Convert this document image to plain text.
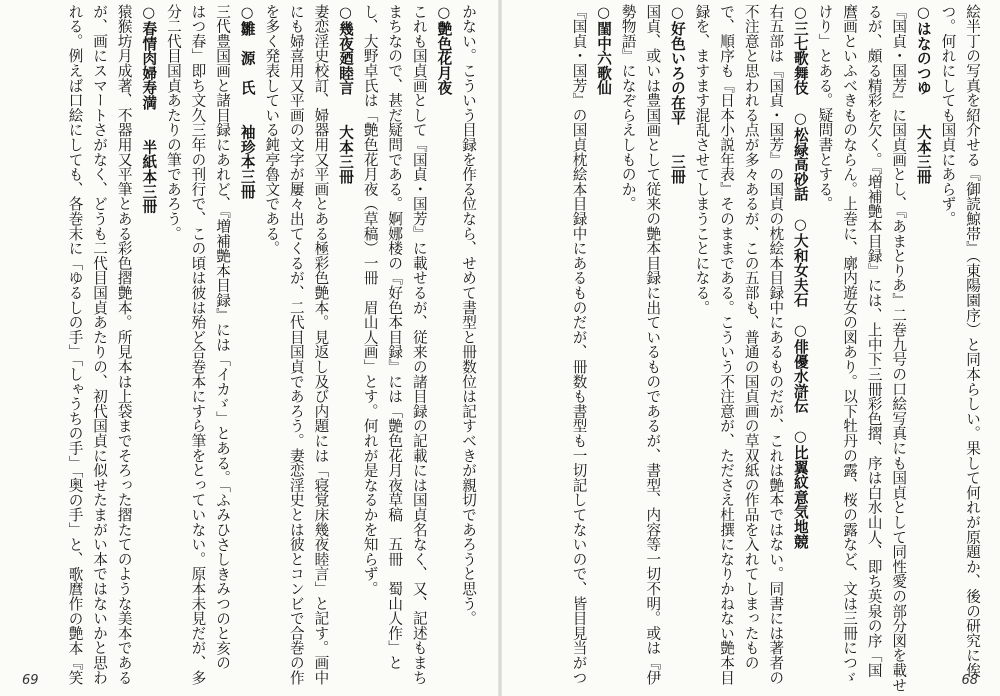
絵半丁の写真を紹介せる『御読鯨帯』（東陽園序）と同本らしい。果して何れが原題か、後の研究に俟
つ。何れにしても国貞にあらず。
○はなのつゆ　　大本三冊
『国貞・国芳』に国貞画とし、『あまとりあ』二巻九号の口絵写真にも国貞として同性愛の部分図を載せ
るが、頗る精彩を欠く。『増補艶本目録』には、上中下三冊彩色摺、序は白水山人、即ち英泉の序「国
麿画といふべきものならん。上巻に、廓内遊女の図あり。以下牡丹の露、桜の露など、文は三冊につゞ
けり」とある。疑問書とする。
○三七歌舞伎　○松緑高砂話　○大和女夫石　○俳優水滸伝　○比翼紋意気地競
右五部は『国貞・国芳』の国貞の枕絵本目録中にあるものだが、これは艶本ではない。同書には著者の
不注意と思われる点が多々あるが、この五部も、普通の国貞画の草双紙の作品を入れてしまったもの
で、順序も『日本小説年表』そのままである。こういう不注意が、たださえ杜撰になりかねない艶本目
録を、ますます混乱させてしまうことになる。
○好色いろの在平　　三冊
国貞、或いは豊国画として従来の艶本目録に出ているものであるが、書型、内容等一切不明。或は『伊
勢物語』になぞらえしものか。
○閨中六歌仙
『国貞・国芳』の国貞枕絵本目録中にあるものだが、冊数も書型も一切記してないので、皆目見当がつ	68
かない。こういう目録を作る位なら、せめて書型と冊数位は記すべきが親切であろうと思う。
○艶色花月夜
これも国貞画として『国貞・国芳』に載せるが、従来の諸目録の記載には国貞名なく、又、記述もまち
まちなので、甚だ疑問である。婀娜楼の『好色本目録』には「艶色花月夜草稿　五冊　蜀山人作」と
し、大野卓氏は「艶色花月夜（草稿）一冊　眉山人画」とす。何れが是なるかを知らず。
○幾夜廼睦言　　大本三冊
妻恋淫史校訂、婦器用又平画とある極彩色艶本。見返し及び内題には「寝覚床幾夜睦言」と記す。画中
にも婦喜用又平画の文字が屢々出てくるが、二代目国貞であろう。妻恋淫史とは彼とコンビで合巻の作
を多く発表している鈍亭魯文である。
○雛　源　氏　　袖珍本三冊
三代豊国画と諸目録にあれど、『増補艶本目録』には「イカゞ」とある。「ふみひさしきみつのと亥の
はつ春」即ち文久三年の刊行で、この頃は彼は殆ど合巻本にすら筆をとっていない。原本未見だが、多
分二代目国貞あたりの筆であろう。
○春情肉婦寿満　　半紙本三冊
猿猴坊月成著、不器用又平筆とある彩色摺艶本。所見本は上袋までそろった摺たてのような美本である
が、画にスマートさがなく、どうも二代目国貞あたりの、初代国貞に似せたまがい本ではないかと思わ
れる。例えば口絵にしても、各巻末に「ゆるしの手」「しゃうちの手」「奥の手」と、歌麿作の艶本『笑
69
